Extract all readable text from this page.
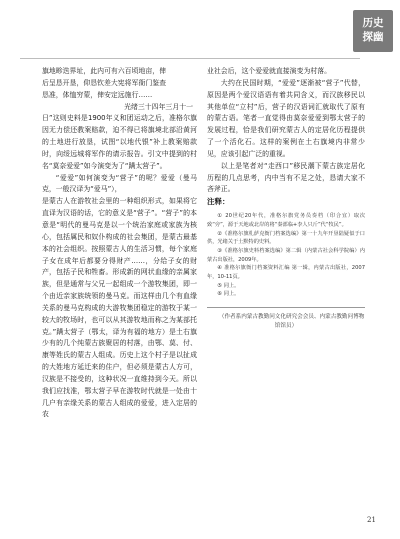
历史
探幽
旗地畛迭界址，此内可有六百顷地亩，俾
后呈恳开垦，仰恳钦差大宪将军衙门鉴查
恳准，体恤穷蒙，俾安定远施行……
光绪三十四年三月十一

日”这则史料是1900年义和团运动之后，准格尔旗因无力偿还教案赔款，迫不得已将旗境北部沿黄河的土地进行放垦，试图“以地代银”补上教案赔款时，向绥远城将军作的请示报告。引文中提到的村名“莫奈爱爱”如今演变为了“蹒太营子”。

“爱爱”如何演变为“营子”的呢？爱爱（曼马克，一般汉译为“爱马”），

是蒙古人在游牧社会里的一种组织形式，如果将它直译为汉语的话，它的意义是“营子”。“营子”的本意是“明代的曼马克是以一个统治家庭或家族为核心，包括属民和奴仆构成的社会集团，是蒙古最基本的社会组织。按照蒙古人的生活习惯，每个家庭子女在成年后都要分得财产……，分给子女的财产，包括子民和牲畜。形成新的网状血缘的亲属家族，但是通常与父兄一起组成一个游牧集团，即一个由近亲家族统领的曼马克。而这样由几个有血缘关系的曼马克构成的大游牧集团稳定的游牧于某一较大的牧场时，也可以从其游牧地而称之为某部托克。”蹒太营子（鄂太，译为有福的地方）是土右旗少有的几个纯蒙古族聚居的村落，由鄂、莫、付、康等姓氏的蒙古人组成。历史上这个村子是以扯成的大姓地方延迁来的住户，但必须是蒙古人方可，汉族是不接受的，这种状况一直维持到今天。所以我们应找准，鄂太营子早在游牧时代就是一处由十几户有亲缘关系的蒙古人组成的爱爱，进入定居的农

业社会后，这个爱爱就直接演变为村落。

大约在民国时期，“爱爱”逐渐被“营子”代替，原因是两个爱汉语语有着共同含义，而汉族移民以其他单位“立村”后，营子的汉语词汇就取代了原有的蒙古语。笔者一直觉得由莫奈爱爱到鄂太营子的发展过程，恰是我们研究蒙古人的定居化历程提供了一个活化石。这样的案例在土右旗境内非常少见，应该引起广泛的重视。

以上是笔者对“走西口”移民潮下蒙古族定居化历程的几点思考，内中当有不足之处，恳请大家不吝斧正。

注释：

① 20世纪20年代，准格尔旗党务员奏档（印合宜）取次致“旁”，源于天地或北岸的将“秦部临+李人只斤”代“牧民”。

②《准格尔旗札萨克衙门档案选编》第一十九年开垦陆疑似于口供，光绪关于土默特的史料。

③《准格尔旗史料档案选编》第二辑（内蒙古社会科学院编）内蒙古出版社，2009年。

④ 准格尔旗衙门档案资料汇编 第一辑，内蒙古出版社，2007年，10-11页。

⑤ 同上。

⑥ 同上。

（作者系内蒙古教勤问文化研究会会员、内蒙古教勤问博物馆馆员）

21
